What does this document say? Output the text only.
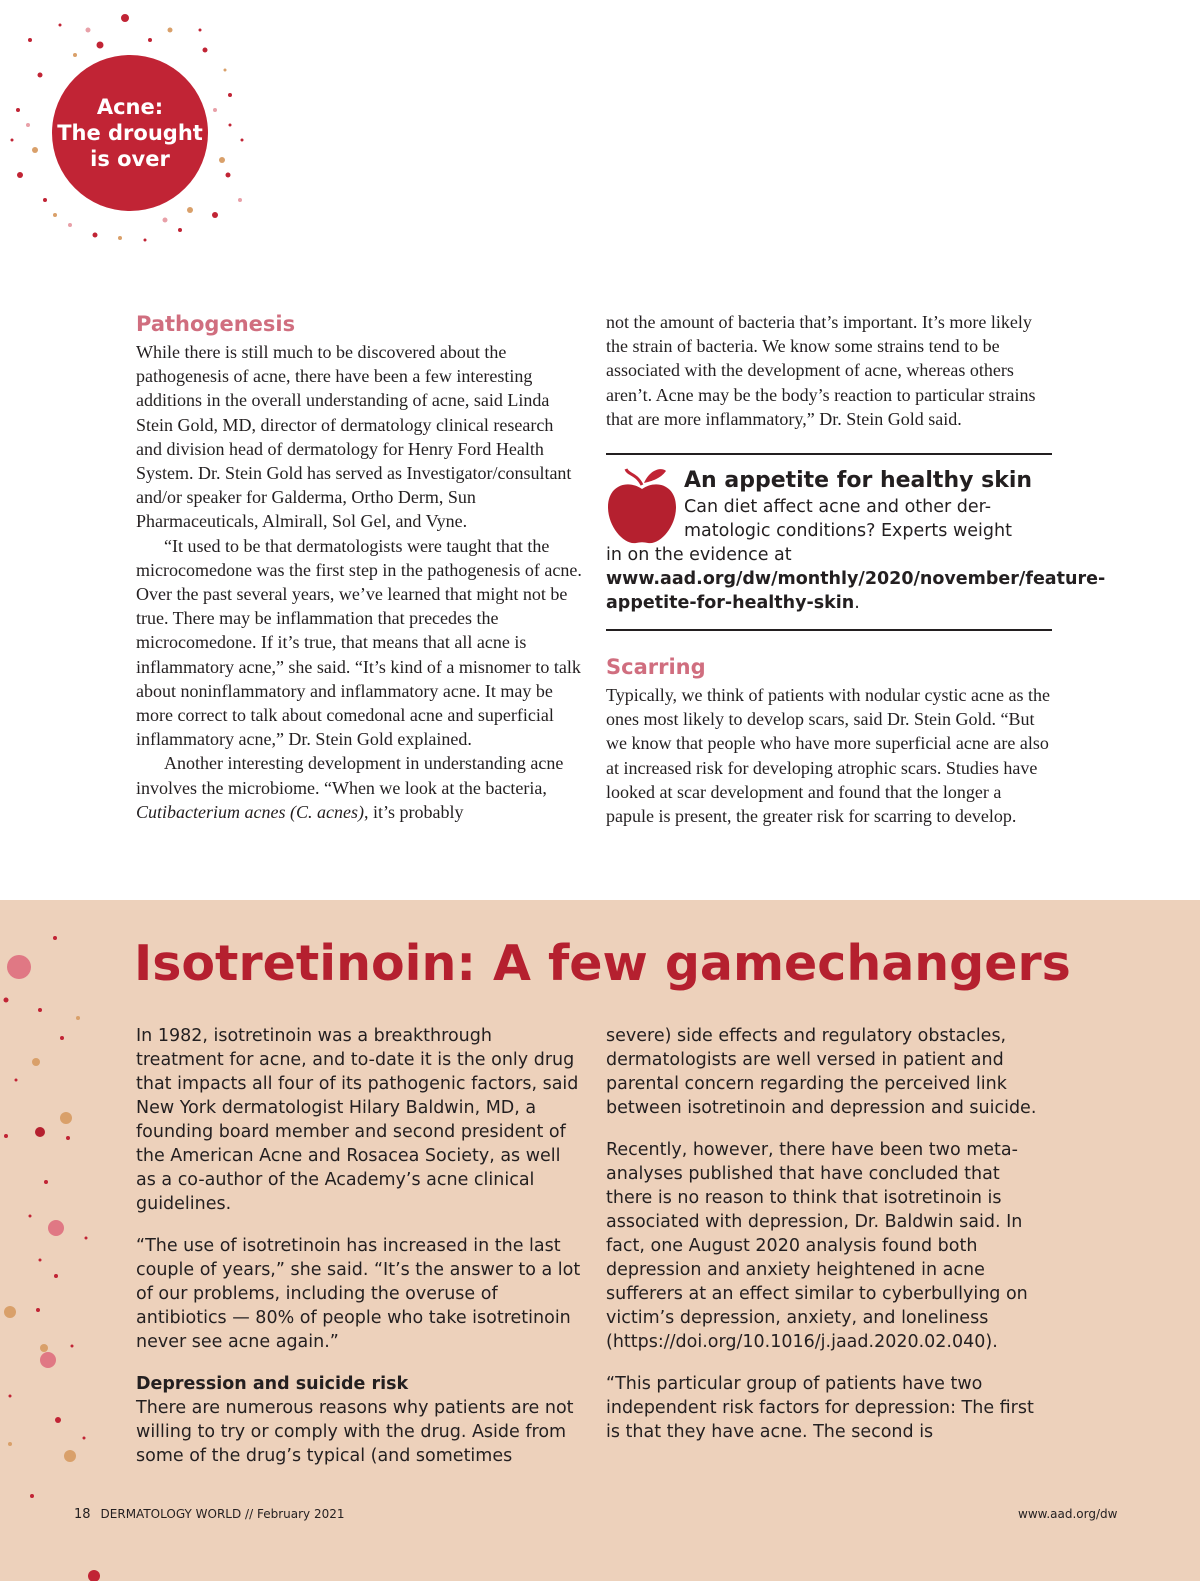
Acne:
The drought
is over
Pathogenesis

While there is still much to be discovered about the pathogenesis of acne, there have been a few interesting additions in the overall understanding of acne, said Linda Stein Gold, MD, director of dermatology clinical research and division head of dermatology for Henry Ford Health System. Dr. Stein Gold has served as Investigator/consultant and/or speaker for Galderma, Ortho Derm, Sun Pharmaceuticals, Almirall, Sol Gel, and Vyne.

“It used to be that dermatologists were taught that the microcomedone was the first step in the pathogenesis of acne. Over the past several years, we’ve learned that might not be true. There may be inflammation that precedes the microcomedone. If it’s true, that means that all acne is inflammatory acne,” she said. “It’s kind of a misnomer to talk about noninflammatory and inflammatory acne. It may be more correct to talk about comedonal acne and superficial inflammatory acne,” Dr. Stein Gold explained.

Another interesting development in understanding acne involves the microbiome. “When we look at the bacteria, Cutibacterium acnes (C. acnes), it’s probably

not the amount of bacteria that’s important. It’s more likely the strain of bacteria. We know some strains tend to be associated with the development of acne, whereas others aren’t. Acne may be the body’s reaction to particular strains that are more inflammatory,” Dr. Stein Gold said.

An appetite for healthy skin

Can diet affect acne and other der-
matologic conditions? Experts weight
in on the evidence at www.aad.org/dw/monthly/2020/november/feature-appetite-for-healthy-skin.

Scarring

Typically, we think of patients with nodular cystic acne as the ones most likely to develop scars, said Dr. Stein Gold. “But we know that people who have more superficial acne are also at increased risk for developing atrophic scars. Studies have looked at scar development and found that the longer a papule is present, the greater risk for scarring to develop.

Isotretinoin: A few gamechangers

In 1982, isotretinoin was a breakthrough treatment for acne, and to-date it is the only drug that impacts all four of its pathogenic factors, said New York dermatologist Hilary Baldwin, MD, a founding board member and second president of the American Acne and Rosacea Society, as well as a co-author of the Academy’s acne clinical guidelines.

“The use of isotretinoin has increased in the last couple of years,” she said. “It’s the answer to a lot of our problems, including the overuse of antibiotics — 80% of people who take isotretinoin never see acne again.”

Depression and suicide risk

There are numerous reasons why patients are not willing to try or comply with the drug. Aside from some of the drug’s typical (and sometimes

severe) side effects and regulatory obstacles, dermatologists are well versed in patient and parental concern regarding the perceived link between isotretinoin and depression and suicide.

Recently, however, there have been two meta-analyses published that have concluded that there is no reason to think that isotretinoin is associated with depression, Dr. Baldwin said. In fact, one August 2020 analysis found both depression and anxiety heightened in acne sufferers at an effect similar to cyberbullying on victim’s depression, anxiety, and loneliness (https://doi.org/10.1016/j.jaad.2020.02.040).

“This particular group of patients have two independent risk factors for depression: The first is that they have acne. The second is

18 DERMATOLOGY WORLD // February 2021	www.aad.org/dw
